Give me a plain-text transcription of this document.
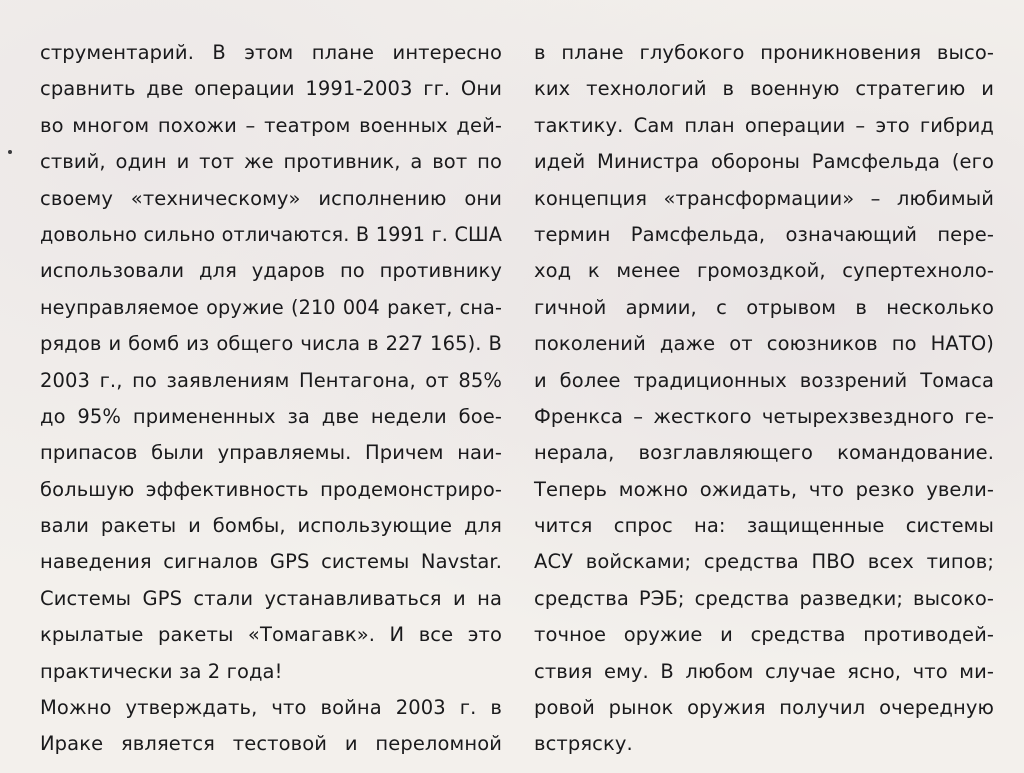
струментарий. В этом плане интересно
сравнить две операции 1991-2003 гг. Они
во многом похожи – театром военных дей-
ствий, один и тот же противник, а вот по
своему «техническому» исполнению они
довольно сильно отличаются. В 1991 г. США
использовали для ударов по противнику
неуправляемое оружие (210 004 ракет, сна-
рядов и бомб из общего числа в 227 165). В
2003 г., по заявлениям Пентагона, от 85%
до 95% примененных за две недели бое-
припасов были управляемы. Причем наи-
большую эффективность продемонстриро-
вали ракеты и бомбы, использующие для
наведения сигналов GPS системы Navstar.
Системы GPS стали устанавливаться и на
крылатые ракеты «Томагавк». И все это
практически за 2 года!
Можно утверждать, что война 2003 г. в
Ираке является тестовой и переломной
в плане глубокого проникновения высо-
ких технологий в военную стратегию и
тактику. Сам план операции – это гибрид
идей Министра обороны Рамсфельда (его
концепция «трансформации» – любимый
термин Рамсфельда, означающий пере-
ход к менее громоздкой, супертехноло-
гичной армии, с отрывом в несколько
поколений даже от союзников по НАТО)
и более традиционных воззрений Томаса
Френкса – жесткого четырехзвездного ге-
нерала, возглавляющего командование.
Теперь можно ожидать, что резко увели-
чится спрос на: защищенные системы
АСУ войсками; средства ПВО всех типов;
средства РЭБ; средства разведки; высоко-
точное оружие и средства противодей-
ствия ему. В любом случае ясно, что ми-
ровой рынок оружия получил очередную
встряску.
